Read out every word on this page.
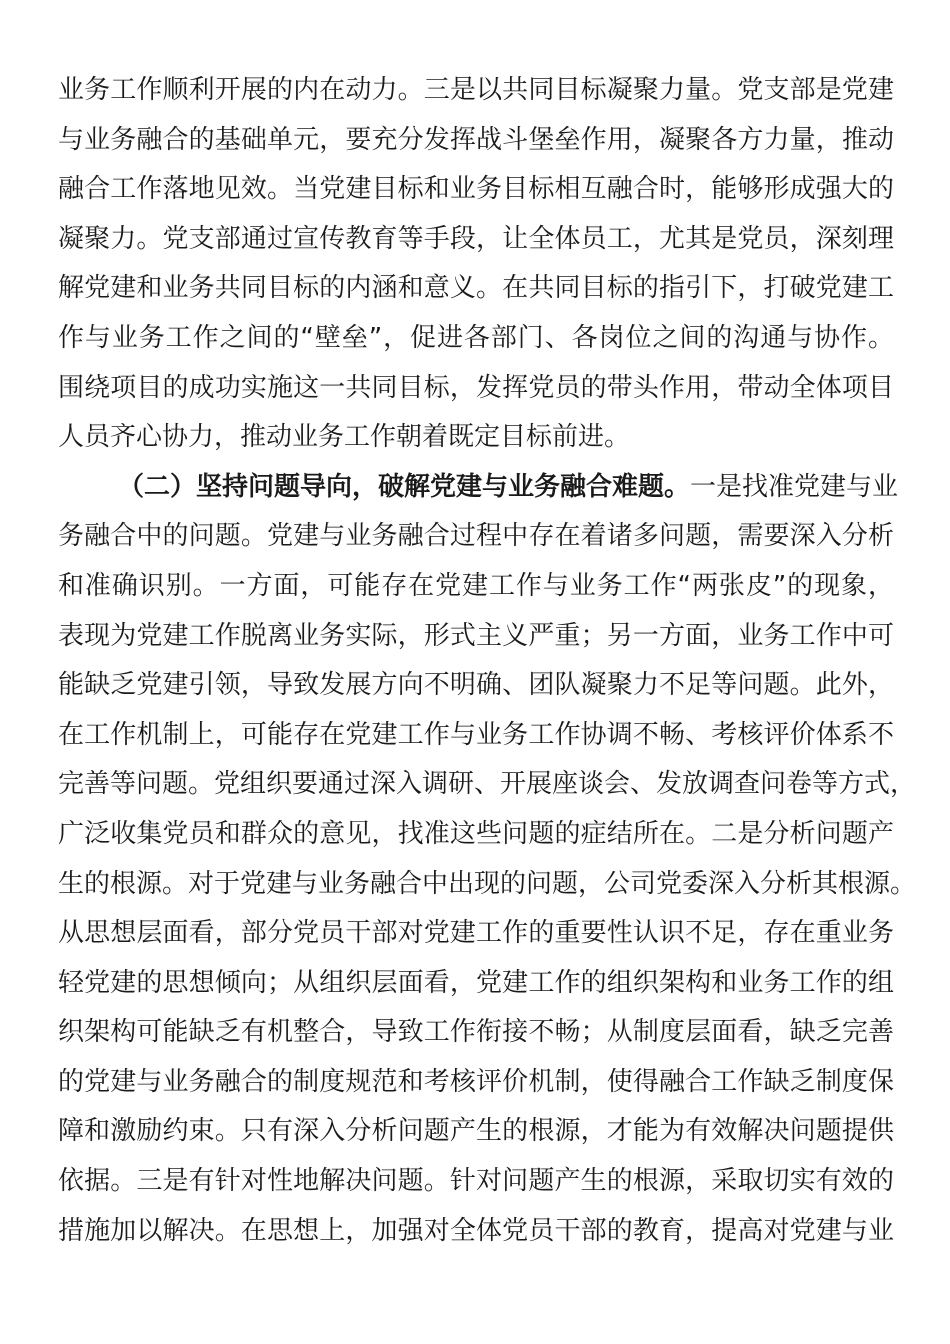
业务工作顺利开展的内在动力。三是以共同目标凝聚力量。党支部是党建
与业务融合的基础单元，要充分发挥战斗堡垒作用，凝聚各方力量，推动
融合工作落地见效。当党建目标和业务目标相互融合时，能够形成强大的
凝聚力。党支部通过宣传教育等手段，让全体员工，尤其是党员，深刻理
解党建和业务共同目标的内涵和意义。在共同目标的指引下，打破党建工
作与业务工作之间的“壁垒”，促进各部门、各岗位之间的沟通与协作。
围绕项目的成功实施这一共同目标，发挥党员的带头作用，带动全体项目
人员齐心协力，推动业务工作朝着既定目标前进。
（二）坚持问题导向，破解党建与业务融合难题。一是找准党建与业
务融合中的问题。党建与业务融合过程中存在着诸多问题，需要深入分析
和准确识别。一方面，可能存在党建工作与业务工作“两张皮”的现象，
表现为党建工作脱离业务实际，形式主义严重；另一方面，业务工作中可
能缺乏党建引领，导致发展方向不明确、团队凝聚力不足等问题。此外，
在工作机制上，可能存在党建工作与业务工作协调不畅、考核评价体系不
完善等问题。党组织要通过深入调研、开展座谈会、发放调查问卷等方式，
广泛收集党员和群众的意见，找准这些问题的症结所在。二是分析问题产
生的根源。对于党建与业务融合中出现的问题，公司党委深入分析其根源。
从思想层面看，部分党员干部对党建工作的重要性认识不足，存在重业务
轻党建的思想倾向；从组织层面看，党建工作的组织架构和业务工作的组
织架构可能缺乏有机整合，导致工作衔接不畅；从制度层面看，缺乏完善
的党建与业务融合的制度规范和考核评价机制，使得融合工作缺乏制度保
障和激励约束。只有深入分析问题产生的根源，才能为有效解决问题提供
依据。三是有针对性地解决问题。针对问题产生的根源，采取切实有效的
措施加以解决。在思想上，加强对全体党员干部的教育，提高对党建与业
